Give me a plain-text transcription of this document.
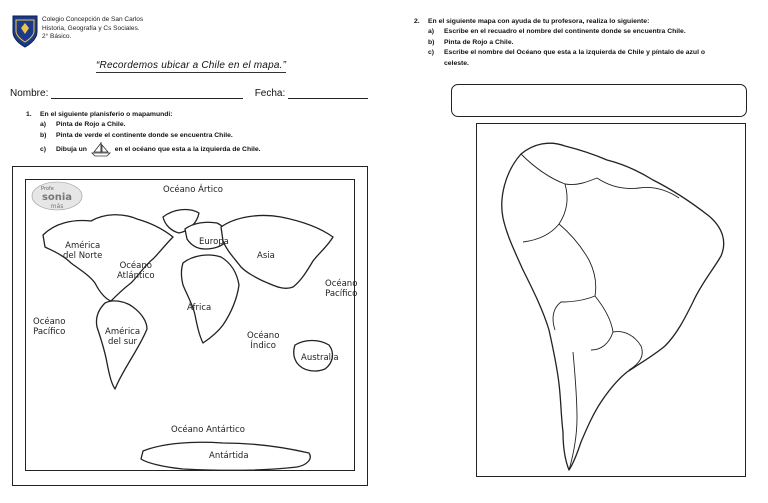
Colegio Concepción de San Carlos
Historia, Geografía y Cs Sociales.
2° Básico.
“Recordemos ubicar a Chile en el mapa.”
Nombre:	Fecha:
1. En el siguiente planisferio o mapamundi:
a) Pinta de Rojo a Chile.
b) Pinta de verde el continente donde se encuentra Chile.
c) Dibuja un	en el océano que esta a la izquierda de Chile.
Profe
sonia
más
Océano Ártico
América
del Norte
Océano
Atlántico
Europa
Asia
Océano
Pacífico
Océano
Pacífico
África
América
del sur
Océano
Índico
Australia
Océano Antártico
Antártida
2. En el siguiente mapa con ayuda de tu profesora, realiza lo siguiente:
a) Escribe en el recuadro el nombre del continente donde se encuentra Chile.
b) Pinta de Rojo a Chile.
c) Escribe el nombre del Océano que esta a la izquierda de Chile y píntalo de azul o
celeste.
